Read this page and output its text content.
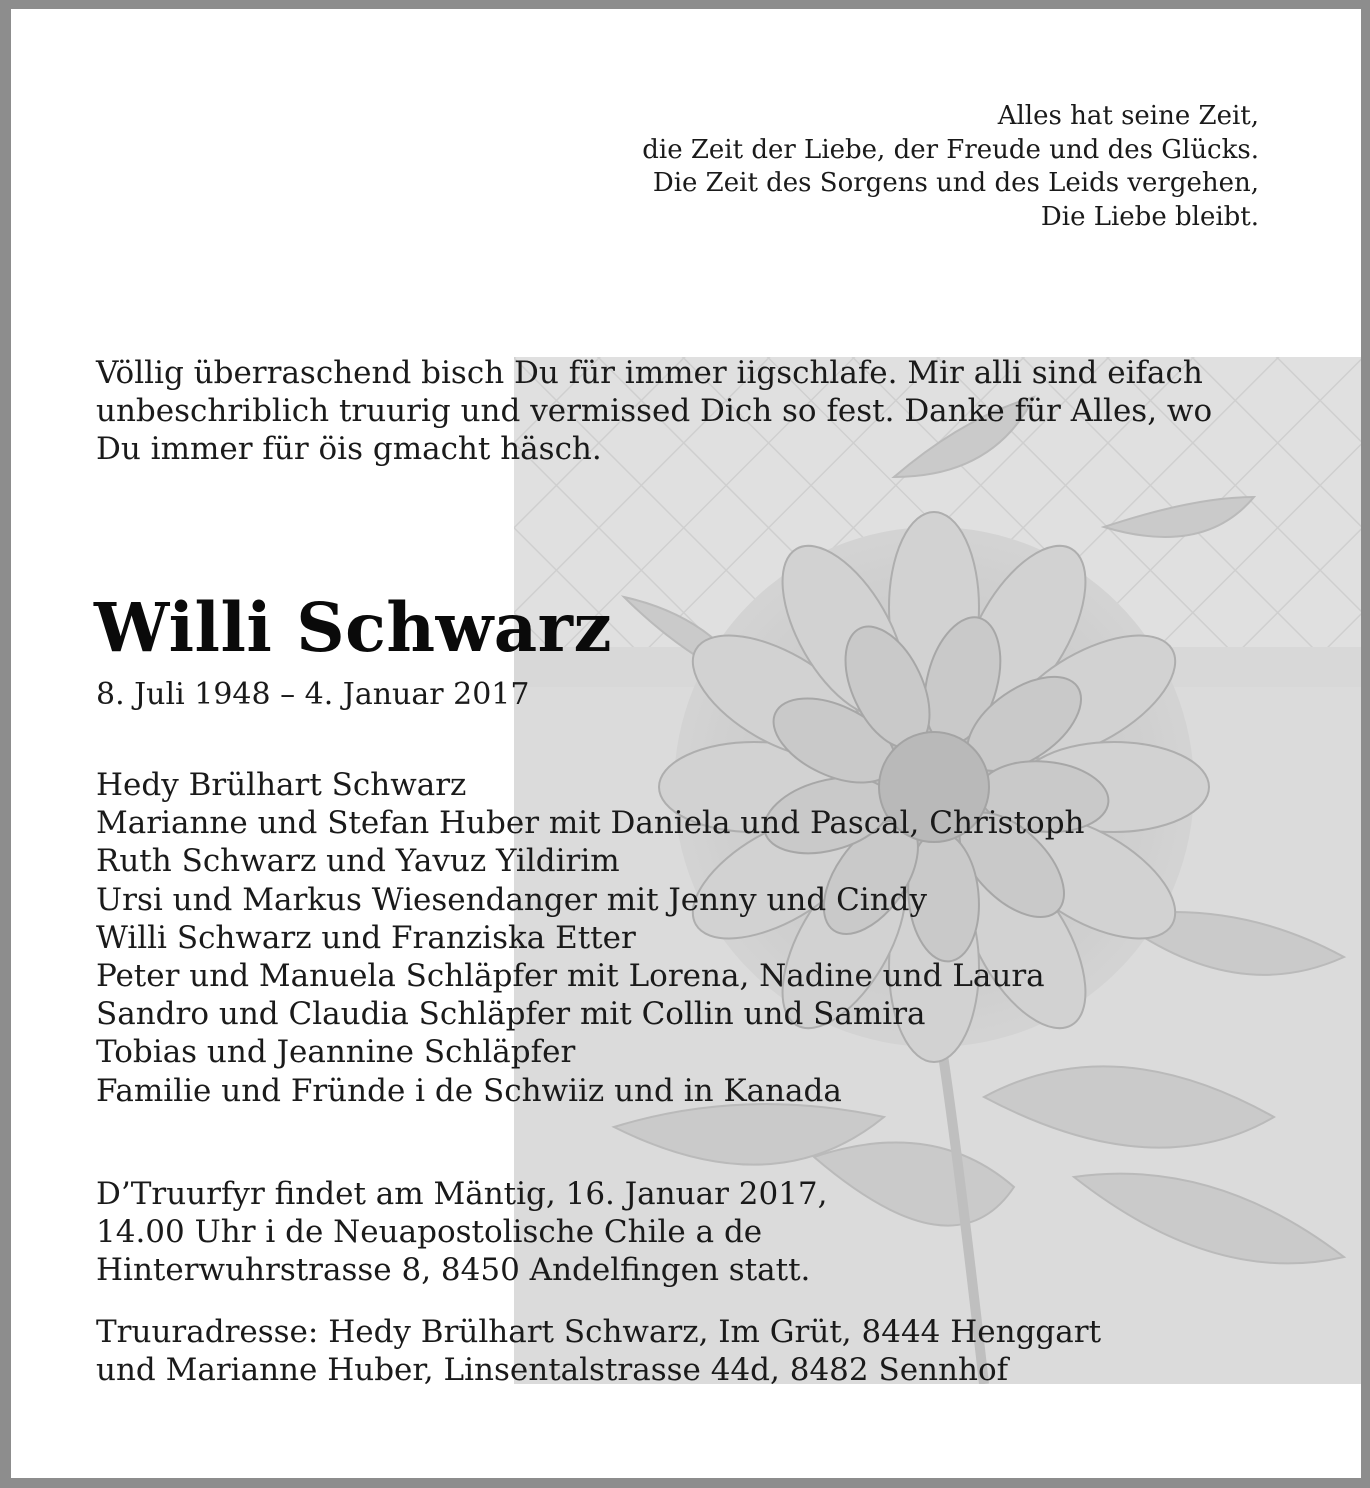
Alles hat seine Zeit,
die Zeit der Liebe, der Freude und des Glücks.
Die Zeit des Sorgens und des Leids vergehen,
Die Liebe bleibt.
Völlig überraschend bisch Du für immer iigschlafe. Mir alli sind eifach
unbeschriblich truurig und vermissed Dich so fest. Danke für Alles, wo
Du immer für öis gmacht häsch.
Willi Schwarz
8. Juli 1948 – 4. Januar 2017
Hedy Brülhart Schwarz
Marianne und Stefan Huber mit Daniela und Pascal, Christoph
Ruth Schwarz und Yavuz Yildirim
Ursi und Markus Wiesendanger mit Jenny und Cindy
Willi Schwarz und Franziska Etter
Peter und Manuela Schläpfer mit Lorena, Nadine und Laura
Sandro und Claudia Schläpfer mit Collin und Samira
Tobias und Jeannine Schläpfer
Familie und Fründe i de Schwiiz und in Kanada
D’Truurfyr findet am Mäntig, 16. Januar 2017,
14.00 Uhr i de Neuapostolische Chile a de
Hinterwuhrstrasse 8, 8450 Andelfingen statt.
Truuradresse: Hedy Brülhart Schwarz, Im Grüt, 8444 Henggart
und Marianne Huber, Linsentalstrasse 44d, 8482 Sennhof
